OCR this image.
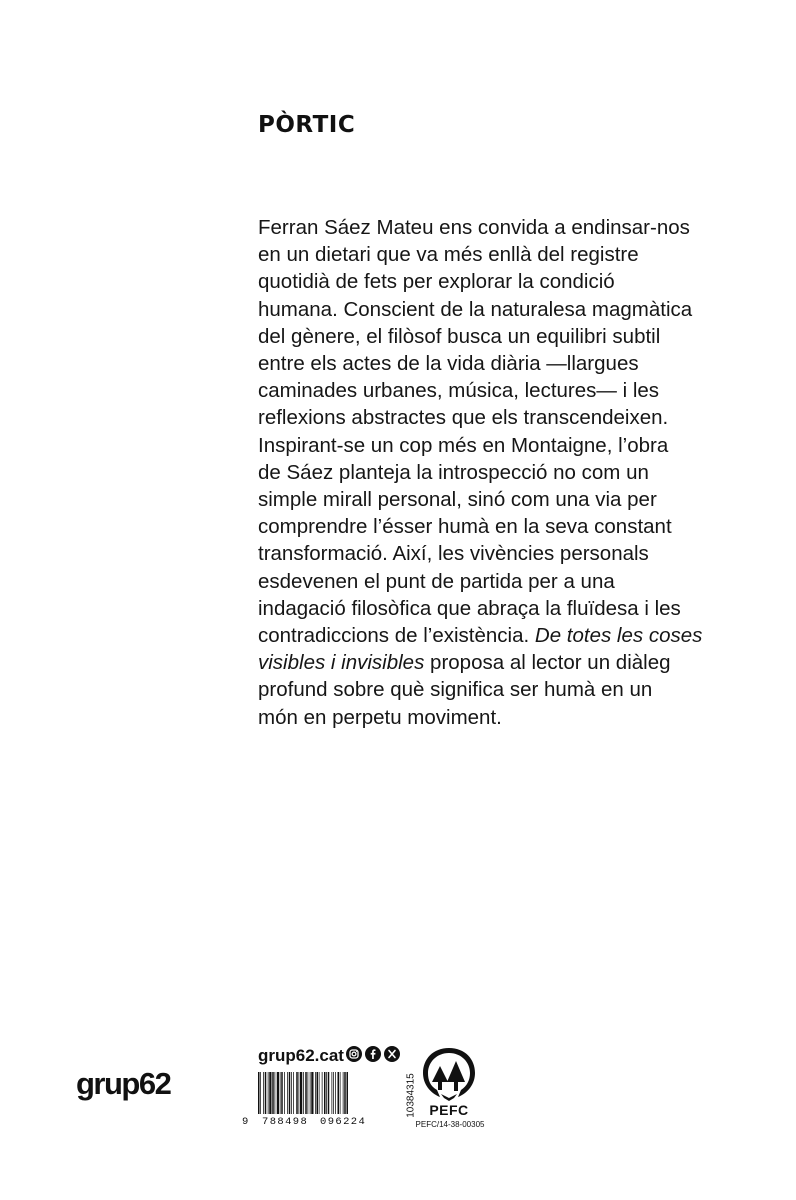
PÒRTIC

Ferran Sáez Mateu ens convida a endinsar-nos
en un dietari que va més enllà del registre
quotidià de fets per explorar la condició
humana. Conscient de la naturalesa magmàtica
del gènere, el filòsof busca un equilibri subtil
entre els actes de la vida diària —llargues
caminades urbanes, música, lectures— i les
reflexions abstractes que els transcendeixen.
Inspirant-se un cop més en Montaigne, l’obra
de Sáez planteja la introspecció no com un
simple mirall personal, sinó com una via per
comprendre l’ésser humà en la seva constant
transformació. Així, les vivències personals
esdevenen el punt de partida per a una
indagació filosòfica que abraça la fluïdesa i les
contradiccions de l’existència. De totes les coses
visibles i invisibles proposa al lector un diàleg
profund sobre què significa ser humà en un
món en perpetu moviment.

grup62
grup62.cat
9 788498 096224
10384315 PEFC
PEFC/14-38-00305
